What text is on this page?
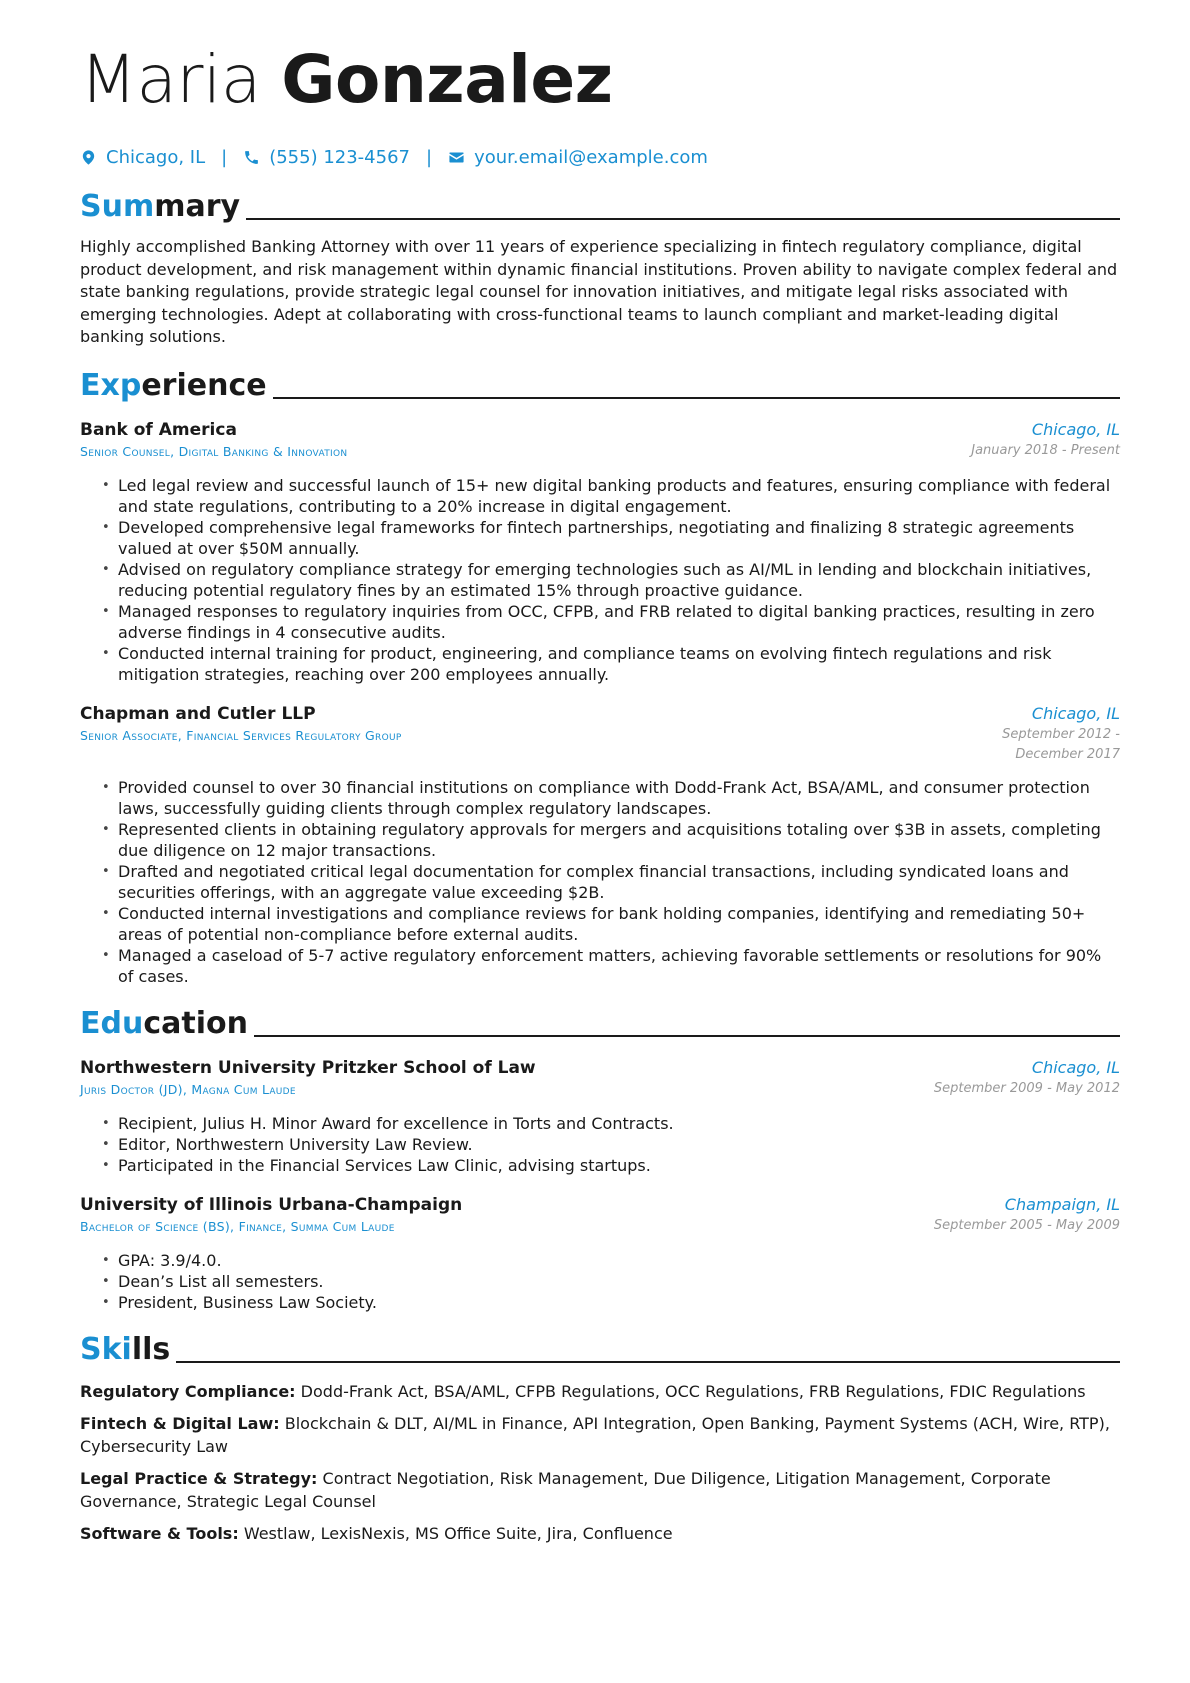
Maria Gonzalez
Chicago, IL | (555) 123-4567 | your.email@example.com
Summary
Highly accomplished Banking Attorney with over 11 years of experience specializing in fintech regulatory compliance, digital product development, and risk management within dynamic financial institutions. Proven ability to navigate complex federal and state banking regulations, provide strategic legal counsel for innovation initiatives, and mitigate legal risks associated with emerging technologies. Adept at collaborating with cross-functional teams to launch compliant and market-leading digital banking solutions.
Experience
Bank of America	Chicago, IL
Senior Counsel, Digital Banking & Innovation	January 2018 - Present
• Led legal review and successful launch of 15+ new digital banking products and features, ensuring compliance with federal and state regulations, contributing to a 20% increase in digital engagement.
• Developed comprehensive legal frameworks for fintech partnerships, negotiating and finalizing 8 strategic agreements valued at over $50M annually.
• Advised on regulatory compliance strategy for emerging technologies such as AI/ML in lending and blockchain initiatives, reducing potential regulatory fines by an estimated 15% through proactive guidance.
• Managed responses to regulatory inquiries from OCC, CFPB, and FRB related to digital banking practices, resulting in zero adverse findings in 4 consecutive audits.
• Conducted internal training for product, engineering, and compliance teams on evolving fintech regulations and risk mitigation strategies, reaching over 200 employees annually.
Chapman and Cutler LLP	Chicago, IL
Senior Associate, Financial Services Regulatory Group	September 2012 - December 2017
• Provided counsel to over 30 financial institutions on compliance with Dodd-Frank Act, BSA/AML, and consumer protection laws, successfully guiding clients through complex regulatory landscapes.
• Represented clients in obtaining regulatory approvals for mergers and acquisitions totaling over $3B in assets, completing due diligence on 12 major transactions.
• Drafted and negotiated critical legal documentation for complex financial transactions, including syndicated loans and securities offerings, with an aggregate value exceeding $2B.
• Conducted internal investigations and compliance reviews for bank holding companies, identifying and remediating 50+ areas of potential non-compliance before external audits.
• Managed a caseload of 5-7 active regulatory enforcement matters, achieving favorable settlements or resolutions for 90% of cases.
Education
Northwestern University Pritzker School of Law	Chicago, IL
Juris Doctor (JD), Magna Cum Laude	September 2009 - May 2012
• Recipient, Julius H. Minor Award for excellence in Torts and Contracts.
• Editor, Northwestern University Law Review.
• Participated in the Financial Services Law Clinic, advising startups.
University of Illinois Urbana-Champaign	Champaign, IL
Bachelor of Science (BS), Finance, Summa Cum Laude	September 2005 - May 2009
• GPA: 3.9/4.0.
• Dean’s List all semesters.
• President, Business Law Society.
Skills
Regulatory Compliance: Dodd-Frank Act, BSA/AML, CFPB Regulations, OCC Regulations, FRB Regulations, FDIC Regulations
Fintech & Digital Law: Blockchain & DLT, AI/ML in Finance, API Integration, Open Banking, Payment Systems (ACH, Wire, RTP), Cybersecurity Law
Legal Practice & Strategy: Contract Negotiation, Risk Management, Due Diligence, Litigation Management, Corporate Governance, Strategic Legal Counsel
Software & Tools: Westlaw, LexisNexis, MS Office Suite, Jira, Confluence
